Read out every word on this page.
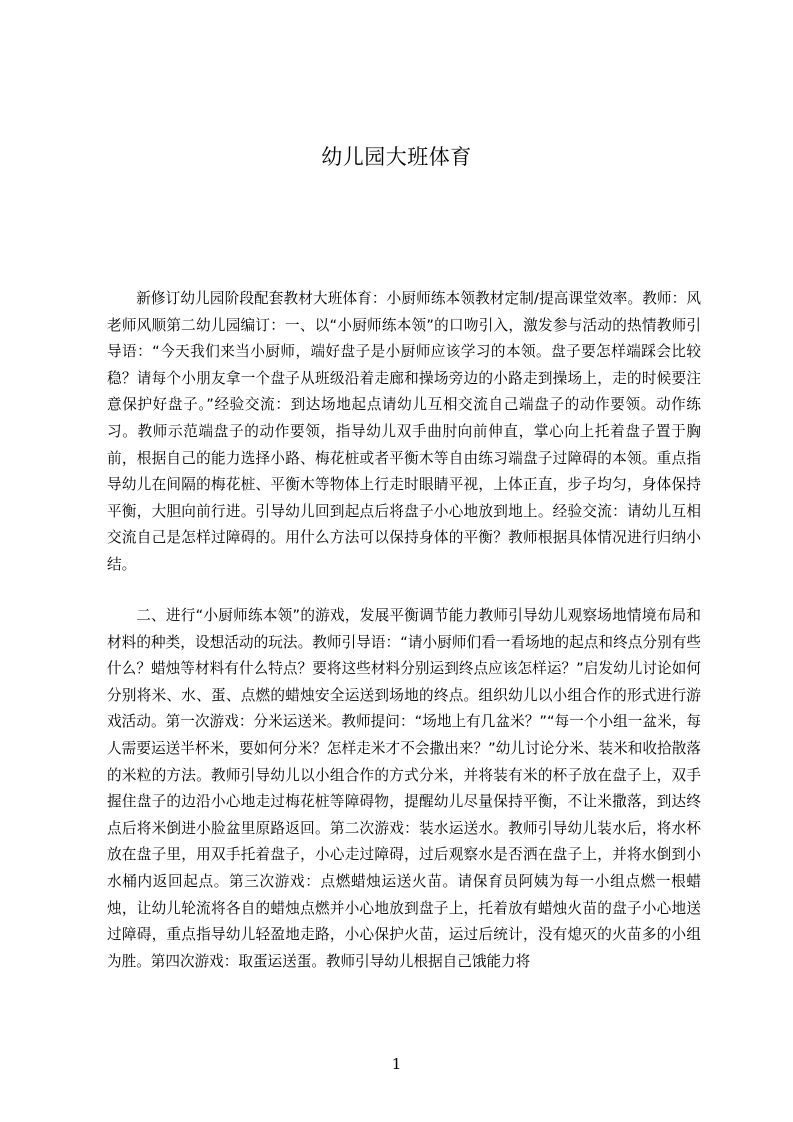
幼儿园大班体育

新修订幼儿园阶段配套教材大班体育：小厨师练本领教材定制/提高课堂效率。教师：风老师风顺第二幼儿园编订：一、以“小厨师练本领”的口吻引入，激发参与活动的热情教师引导语：“今天我们来当小厨师，端好盘子是小厨师应该学习的本领。盘子要怎样端踩会比较稳？请每个小朋友拿一个盘子从班级沿着走廊和操场旁边的小路走到操场上，走的时候要注意保护好盘子。”经验交流：到达场地起点请幼儿互相交流自己端盘子的动作要领。动作练习。教师示范端盘子的动作要领，指导幼儿双手曲肘向前伸直，掌心向上托着盘子置于胸前，根据自己的能力选择小路、梅花桩或者平衡木等自由练习端盘子过障碍的本领。重点指导幼儿在间隔的梅花桩、平衡木等物体上行走时眼睛平视，上体正直，步子均匀，身体保持平衡，大胆向前行进。引导幼儿回到起点后将盘子小心地放到地上。经验交流：请幼儿互相交流自己是怎样过障碍的。用什么方法可以保持身体的平衡？教师根据具体情况进行归纳小结。

二、进行“小厨师练本领”的游戏，发展平衡调节能力教师引导幼儿观察场地情境布局和材料的种类，设想活动的玩法。教师引导语：“请小厨师们看一看场地的起点和终点分别有些什么？蜡烛等材料有什么特点？要将这些材料分别运到终点应该怎样运？”启发幼儿讨论如何分别将米、水、蛋、点燃的蜡烛安全运送到场地的终点。组织幼儿以小组合作的形式进行游戏活动。第一次游戏：分米运送米。教师提问：“场地上有几盆米？”“每一个小组一盆米，每人需要运送半杯米，要如何分米？怎样走米才不会撒出来？”幼儿讨论分米、装米和收拾散落的米粒的方法。教师引导幼儿以小组合作的方式分米，并将装有米的杯子放在盘子上，双手握住盘子的边沿小心地走过梅花桩等障碍物，提醒幼儿尽量保持平衡，不让米撒落，到达终点后将米倒进小脸盆里原路返回。第二次游戏：装水运送水。教师引导幼儿装水后，将水杯放在盘子里，用双手托着盘子，小心走过障碍，过后观察水是否洒在盘子上，并将水倒到小水桶内返回起点。第三次游戏：点燃蜡烛运送火苗。请保育员阿姨为每一小组点燃一根蜡烛，让幼儿轮流将各自的蜡烛点燃并小心地放到盘子上，托着放有蜡烛火苗的盘子小心地送过障碍，重点指导幼儿轻盈地走路，小心保护火苗，运过后统计，没有熄灭的火苗多的小组为胜。第四次游戏：取蛋运送蛋。教师引导幼儿根据自己饿能力将

1
